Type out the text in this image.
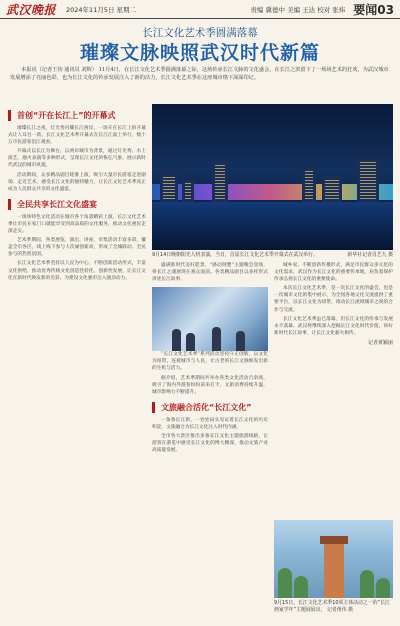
武汉晚报 2024年11月5日 星期二	责编 冀德中 美编 王达 校对 张炜 要闻03
长江文化艺术季圆满落幕
璀璨文脉映照武汉时代新篇

本报讯（记者王钧 通讯员 刘辉） 11月4日，在长江文化艺术季圆满落幕之际，这场传承长江文脉的文化盛会，在长江之滨留下了一场场艺术的狂欢，为武汉城市发展增添了亮丽色彩，也为长江文化的传承发展注入了新的活力，长江文化艺术季在这座城市烙下深深印记。

首创“开在长江上”的开幕式

璀璨长江之夜，灯光秀闪耀长江两岸，一场开在长江上的开幕式让人耳目一新。长江文化艺术季开幕式在长江江面上举行，数十万市民游客沿江观看。

开幕式以长江为舞台，以两岸城市为背景，通过灯光秀、水上演艺、烟火表演等多种形式，呈现长江文化的恢弘气象，展示新时代武汉的城市风貌。

活动期间，众多精品剧目轮番上演，吸引大量市民游客走进剧场、走近艺术，感受长江文化的独特魅力，让长江文化艺术季真正成为人民群众共享的文化盛宴。

全民共享长江文化盛宴

一场场特色文化活动在城市各个角落精彩上演，长江文化艺术季让市民在家门口就能享受到高品质的文化服务，推动文化惠民走深走实。

艺术季期间，各类展览、演出、讲座、市集活动丰富多彩，覆盖全市各区，线上线下参与人次屡创新高，形成了全城联动、全民参与的热烈氛围。

长江文化艺术季坚持以人民为中心，不断创新活动形式，丰富文化供给，推动优秀传统文化创造性转化、创新性发展，让长江文化在新时代焕发新的光彩，为建设文化强市注入强劲动力。

9月14日晚朝阳光人机表演。当日，首届长江文化艺术季开幕式在武汉举行。	新华社记者肖艺九 摄

盛满新时代美好愿景，“感动荆楚”主题晚会登场，将长江之魂展现在观众面前。各类精品剧目以多样形式讲述长江故事。

“长江文化艺术季”系列活动坚持守正创新，以文化为纽带，连接城市与人民，让古老的长江文脉焕发出新的生机与活力。

据介绍，艺术季期间共举办各类文化活动百余场，吸引了海内外游客纷纷前来打卡，文旅消费持续升温，城市影响力不断提升。

文旅融合活化“长江文化”

一条条长江街、一处处码头见证着长江文化的历史积淀，文旅融合为长江文化注入时代内涵。

全市各大景区推出多条长江文化主题旅游线路，让游客在游览中感受长江文化的博大精深，推动文旅产业高质量发展。

城乡家，不断创新传播形式，满足市民群众多元化的文化需求，武汉作为长江文化的重要传承地，肩负着保护传承弘扬长江文化的重要使命。

本次长江文化艺术季，是一次长江文化的盛会，也是一次城市文化的集中展示，为全国各地文化交流提供了重要平台，以长江文化为纽带，推动长江流域城市之间的合作与交流。

长江文化艺术季虽已落幕，但长江文化的传承与发展永不落幕。武汉将继续深入挖掘长江文化时代价值，讲好新时代长江故事，让长江文化薪火相传。

记者黄颖丽
9月15日，长江文化艺术季10项主体活动之一的“长江画家学年”主题展展出。 记者黄伟 摄
